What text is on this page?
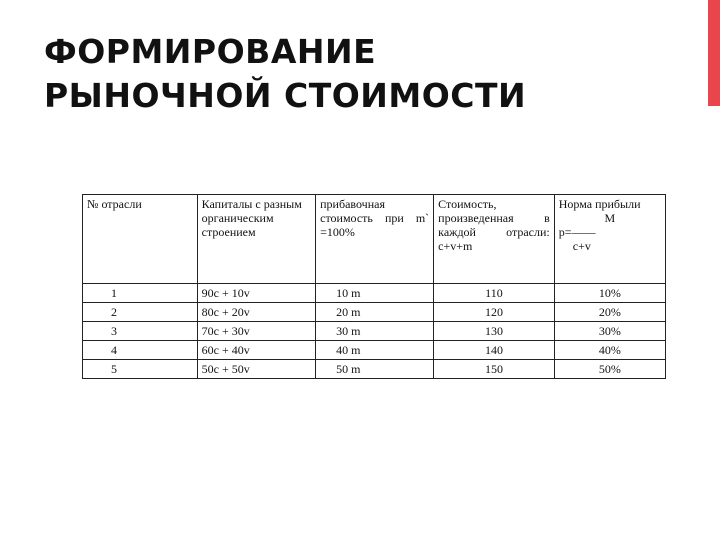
ФОРМИРОВАНИЕ
РЫНОЧНОЙ СТОИМОСТИ
№ отрасли	Капиталы с разным органическим строением	прибавочная стоимость при m` =100%	Стоимость, произведенная в каждой отрасли: c+v+m	Норма прибыли
М
p=——
c+v

1	90c + 10v	10 m	110	10%
2	80c + 20v	20 m	120	20%
3	70c + 30v	30 m	130	30%
4	60c + 40v	40 m	140	40%
5	50c + 50v	50 m	150	50%
